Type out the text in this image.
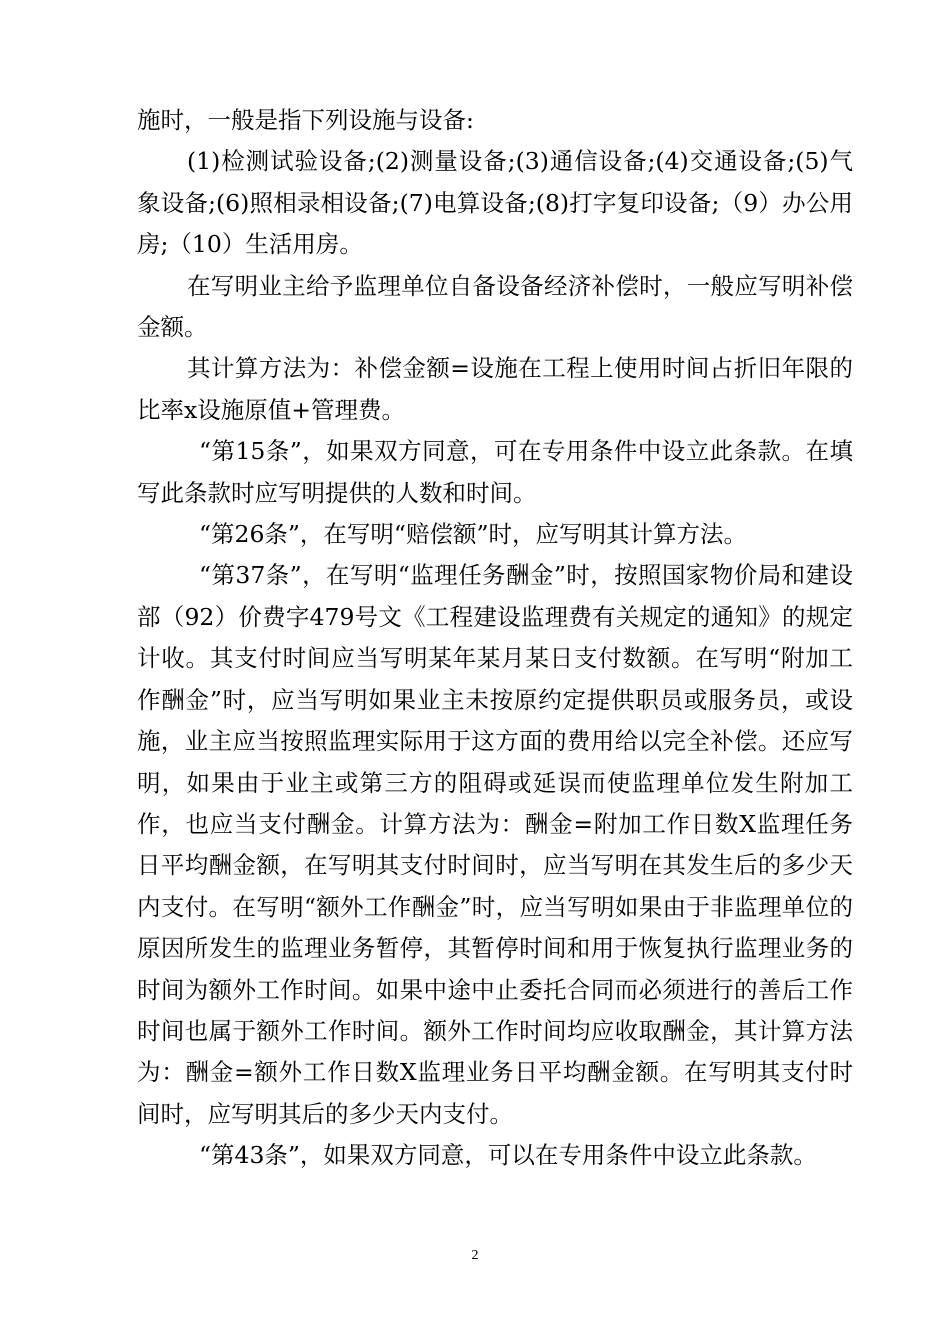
施时，一般是指下列设施与设备:

(1)检测试验设备;(2)测量设备;(3)通信设备;(4)交通设备;(5)气象设备;(6)照相录相设备;(7)电算设备;(8)打字复印设备;（9）办公用房;（10）生活用房。

在写明业主给予监理单位自备设备经济补偿时，一般应写明补偿金额。

其计算方法为：补偿金额=设施在工程上使用时间占折旧年限的比率x设施原值+管理费。

“第15条”，如果双方同意，可在专用条件中设立此条款。在填写此条款时应写明提供的人数和时间。

“第26条”，在写明“赔偿额”时，应写明其计算方法。

“第37条”，在写明“监理任务酬金”时，按照国家物价局和建设部（92）价费字479号文《工程建设监理费有关规定的通知》的规定计收。其支付时间应当写明某年某月某日支付数额。在写明“附加工作酬金”时，应当写明如果业主未按原约定提供职员或服务员，或设施，业主应当按照监理实际用于这方面的费用给以完全补偿。还应写明，如果由于业主或第三方的阻碍或延误而使监理单位发生附加工作，也应当支付酬金。计算方法为：酬金=附加工作日数X监理任务日平均酬金额，在写明其支付时间时，应当写明在其发生后的多少天内支付。在写明“额外工作酬金”时，应当写明如果由于非监理单位的原因所发生的监理业务暂停，其暂停时间和用于恢复执行监理业务的时间为额外工作时间。如果中途中止委托合同而必须进行的善后工作时间也属于额外工作时间。额外工作时间均应收取酬金，其计算方法为：酬金=额外工作日数X监理业务日平均酬金额。在写明其支付时间时，应写明其后的多少天内支付。

“第43条”，如果双方同意，可以在专用条件中设立此条款。

2
